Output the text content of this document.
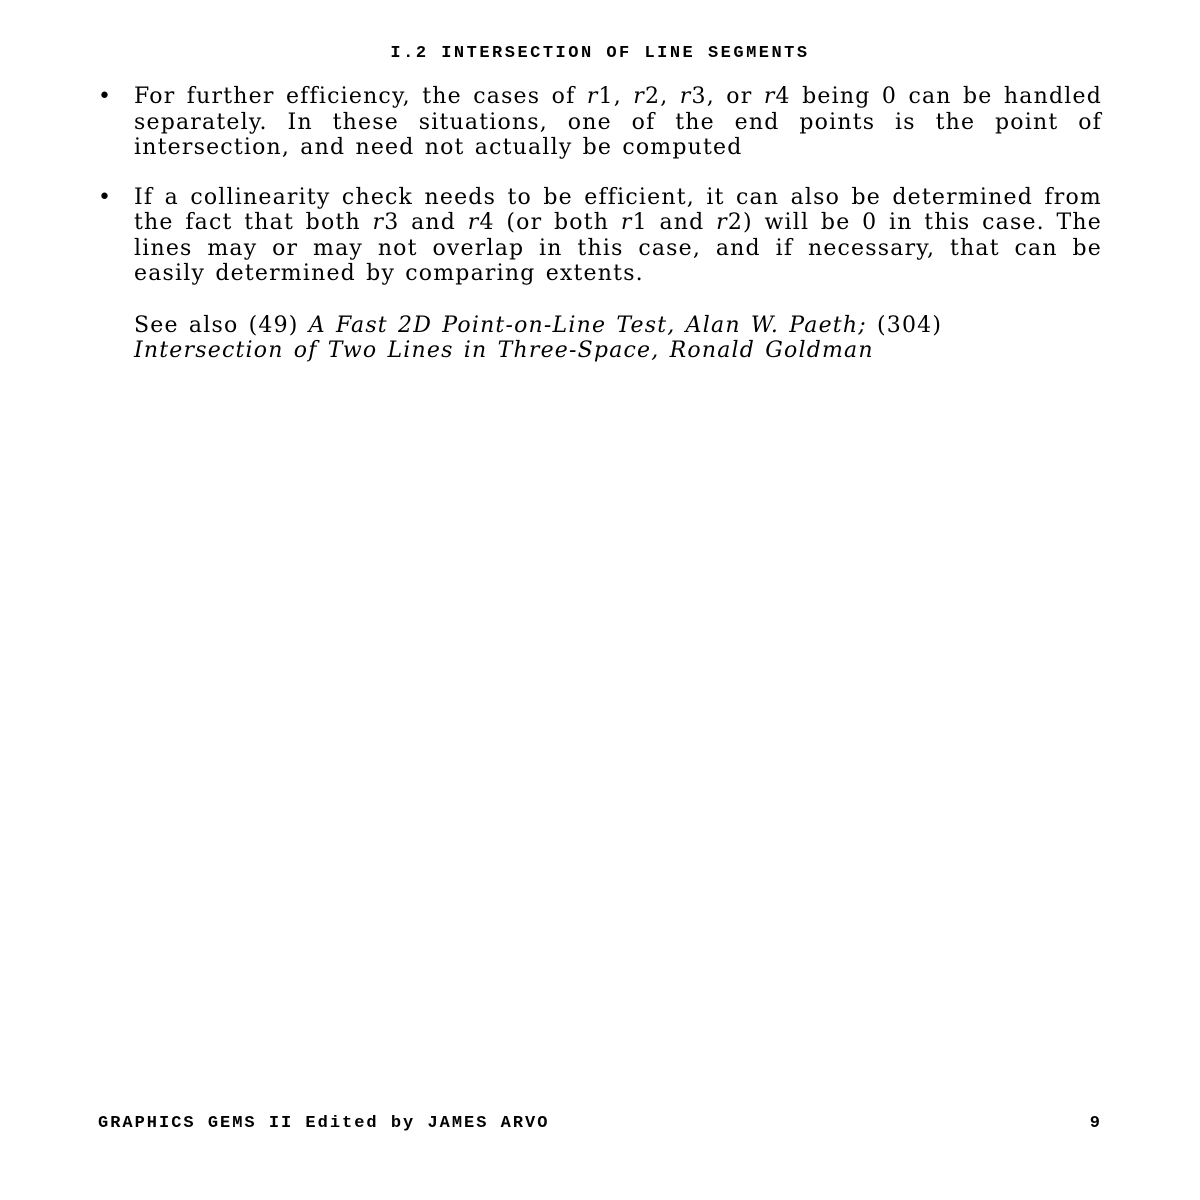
I.2 INTERSECTION OF LINE SEGMENTS
• For further efficiency, the cases of r1, r2, r3, or r4 being 0 can be handled separately. In these situations, one of the end points is the point of intersection, and need not actually be computed
• If a collinearity check needs to be efficient, it can also be determined from the fact that both r3 and r4 (or both r1 and r2) will be 0 in this case. The lines may or may not overlap in this case, and if necessary, that can be easily determined by comparing extents.
See also (49) A Fast 2D Point-on-Line Test, Alan W. Paeth; (304) Intersection of Two Lines in Three-Space, Ronald Goldman
GRAPHICS GEMS II Edited by JAMES ARVO	9
